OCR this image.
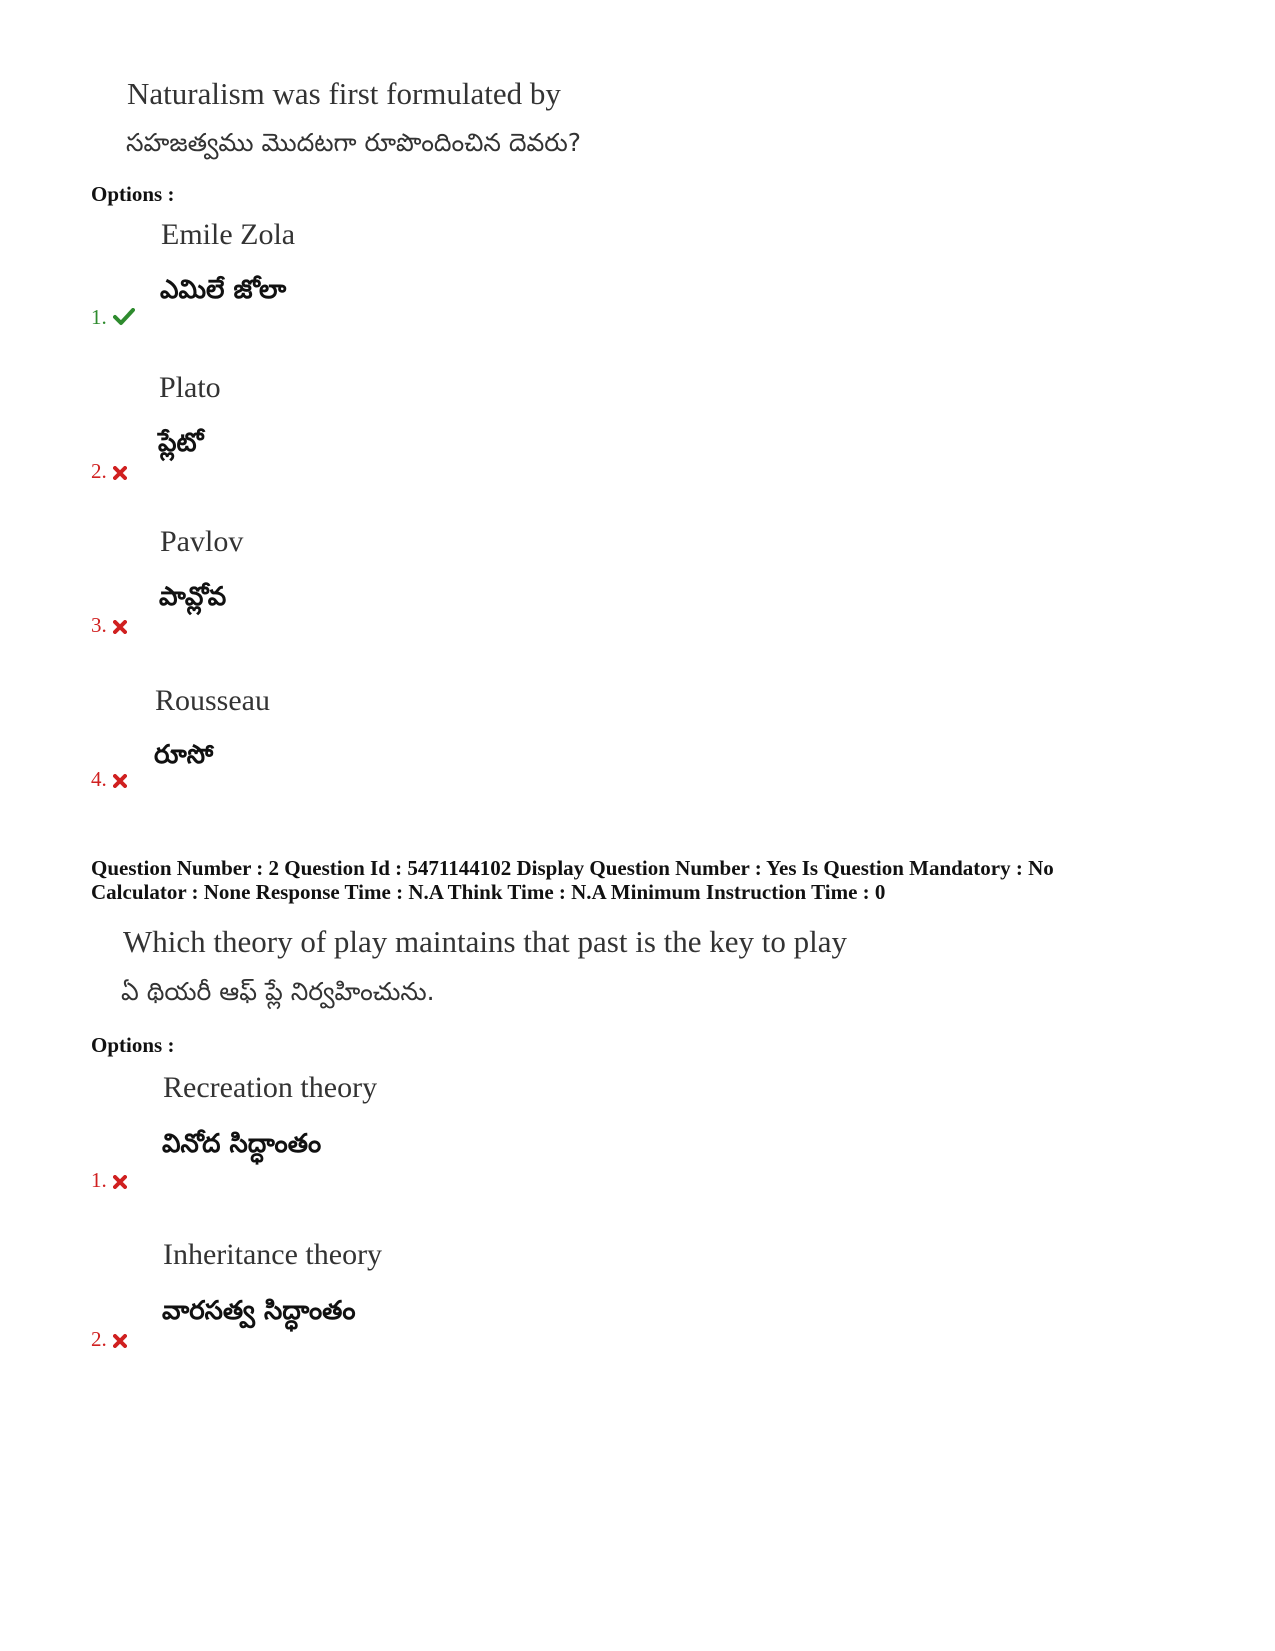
Naturalism was first formulated by
సహజత్వము మొదటగా రూపొందించిన దెవరు?
Options :
Emile Zola
ఎమిలే జోలా
1.
Plato
ప్లేటో
2.
Pavlov
పావ్లోవ
3.
Rousseau
రూసో
4.
Question Number : 2 Question Id : 5471144102 Display Question Number : Yes Is Question Mandatory : No
Calculator : None Response Time : N.A Think Time : N.A Minimum Instruction Time : 0
Which theory of play maintains that past is the key to play
ఏ థియరీ ఆఫ్ ప్లే నిర్వహించును.
Options :
Recreation theory
వినోద సిద్ధాంతం
1.
Inheritance theory
వారసత్వ సిద్ధాంతం
2.
